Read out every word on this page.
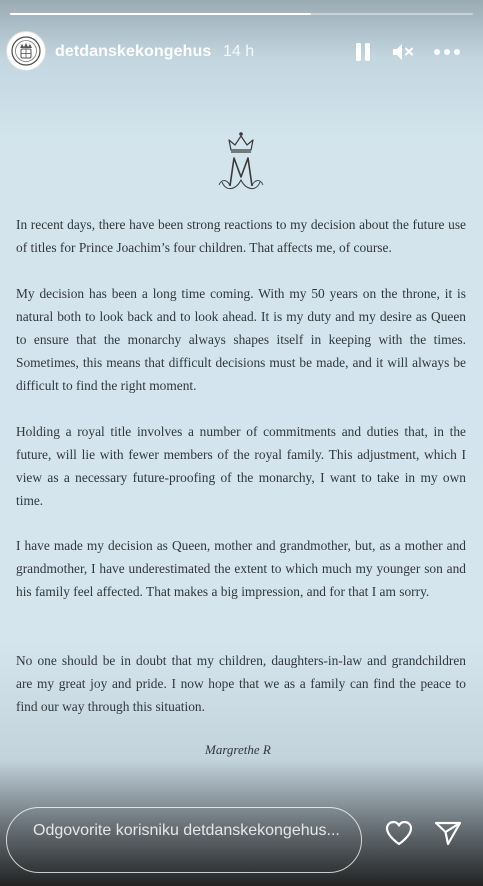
detdanskekongehus 14 h

In recent days, there have been strong reactions to my decision about the future use of titles for Prince Joachim’s four children. That affects me, of course.

My decision has been a long time coming. With my 50 years on the throne, it is natural both to look back and to look ahead. It is my duty and my desire as Queen to ensure that the monarchy always shapes itself in keeping with the times. Sometimes, this means that difficult decisions must be made, and it will always be difficult to find the right moment.

Holding a royal title involves a number of commitments and duties that, in the future, will lie with fewer members of the royal family. This adjustment, which I view as a necessary future-proofing of the monarchy, I want to take in my own time.

I have made my decision as Queen, mother and grandmother, but, as a mother and grandmother, I have underestimated the extent to which much my younger son and his family feel affected. That makes a big impression, and for that I am sorry.

No one should be in doubt that my children, daughters-in-law and grandchildren are my great joy and pride. I now hope that we as a family can find the peace to find our way through this situation.

Margrethe R
Odgovorite korisniku detdanskekongehus...
